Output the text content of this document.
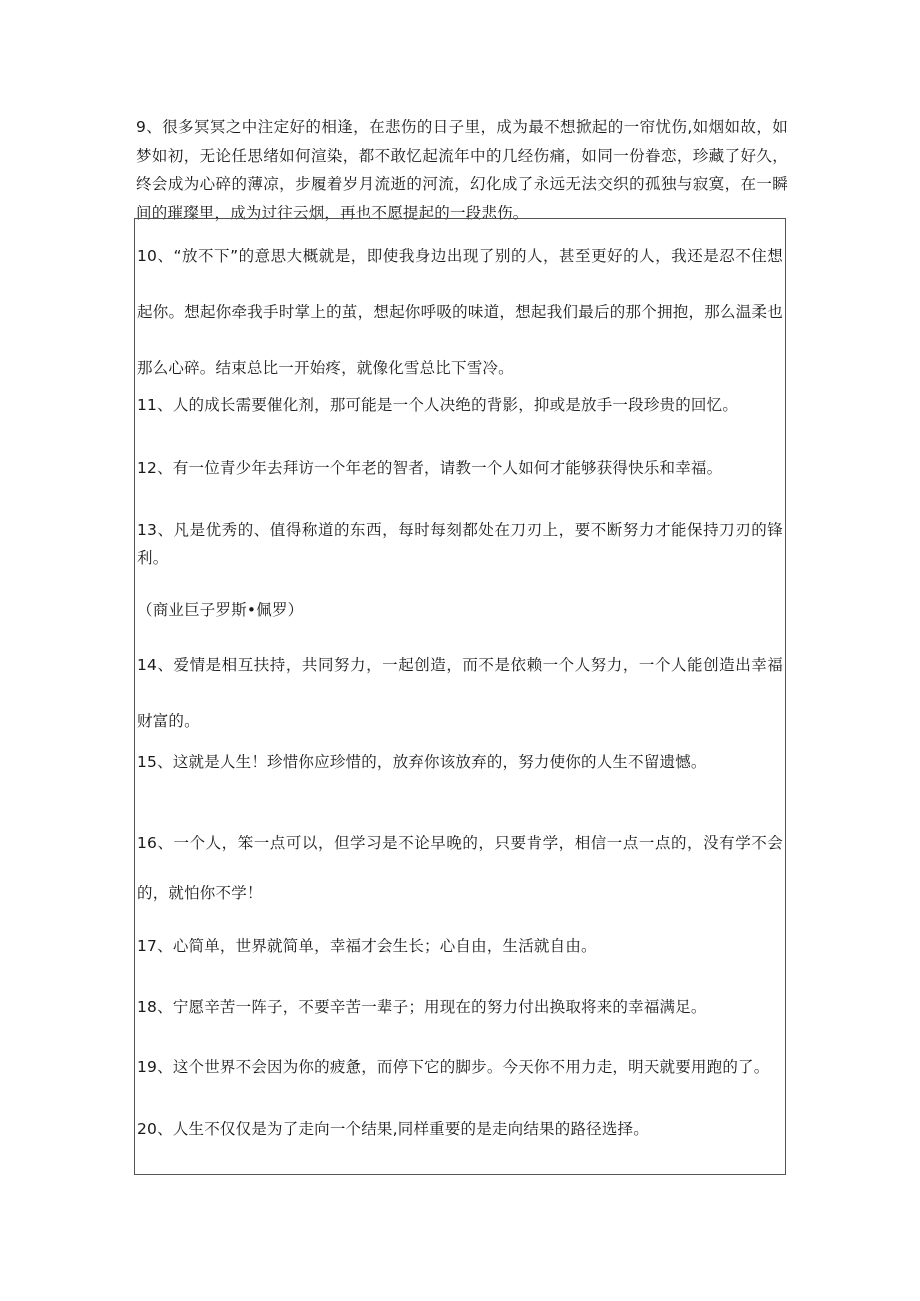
9、很多冥冥之中注定好的相逢，在悲伤的日子里，成为最不想掀起的一帘忧伤,如烟如故，如梦如初，无论任思绪如何渲染，都不敢忆起流年中的几经伤痛，如同一份眷恋，珍藏了好久，终会成为心碎的薄凉，步履着岁月流逝的河流，幻化成了永远无法交织的孤独与寂寞，在一瞬间的璀璨里，成为过往云烟，再也不愿提起的一段悲伤。
10、“放不下”的意思大概就是，即使我身边出现了别的人，甚至更好的人，我还是忍不住想起你。想起你牵我手时掌上的茧，想起你呼吸的味道，想起我们最后的那个拥抱，那么温柔也那么心碎。结束总比一开始疼，就像化雪总比下雪冷。
11、人的成长需要催化剂，那可能是一个人决绝的背影，抑或是放手一段珍贵的回忆。
12、有一位青少年去拜访一个年老的智者，请教一个人如何才能够获得快乐和幸福。
13、凡是优秀的、值得称道的东西，每时每刻都处在刀刃上，要不断努力才能保持刀刃的锋利。
（商业巨子罗斯•佩罗）
14、爱情是相互扶持，共同努力，一起创造，而不是依赖一个人努力，一个人能创造出幸福财富的。
15、这就是人生！珍惜你应珍惜的，放弃你该放弃的，努力使你的人生不留遗憾。
16、一个人，笨一点可以，但学习是不论早晚的，只要肯学，相信一点一点的，没有学不会的，就怕你不学！
17、心简单，世界就简单，幸福才会生长；心自由，生活就自由。
18、宁愿辛苦一阵子，不要辛苦一辈子；用现在的努力付出换取将来的幸福满足。
19、这个世界不会因为你的疲惫，而停下它的脚步。今天你不用力走，明天就要用跑的了。
20、人生不仅仅是为了走向一个结果,同样重要的是走向结果的路径选择。
